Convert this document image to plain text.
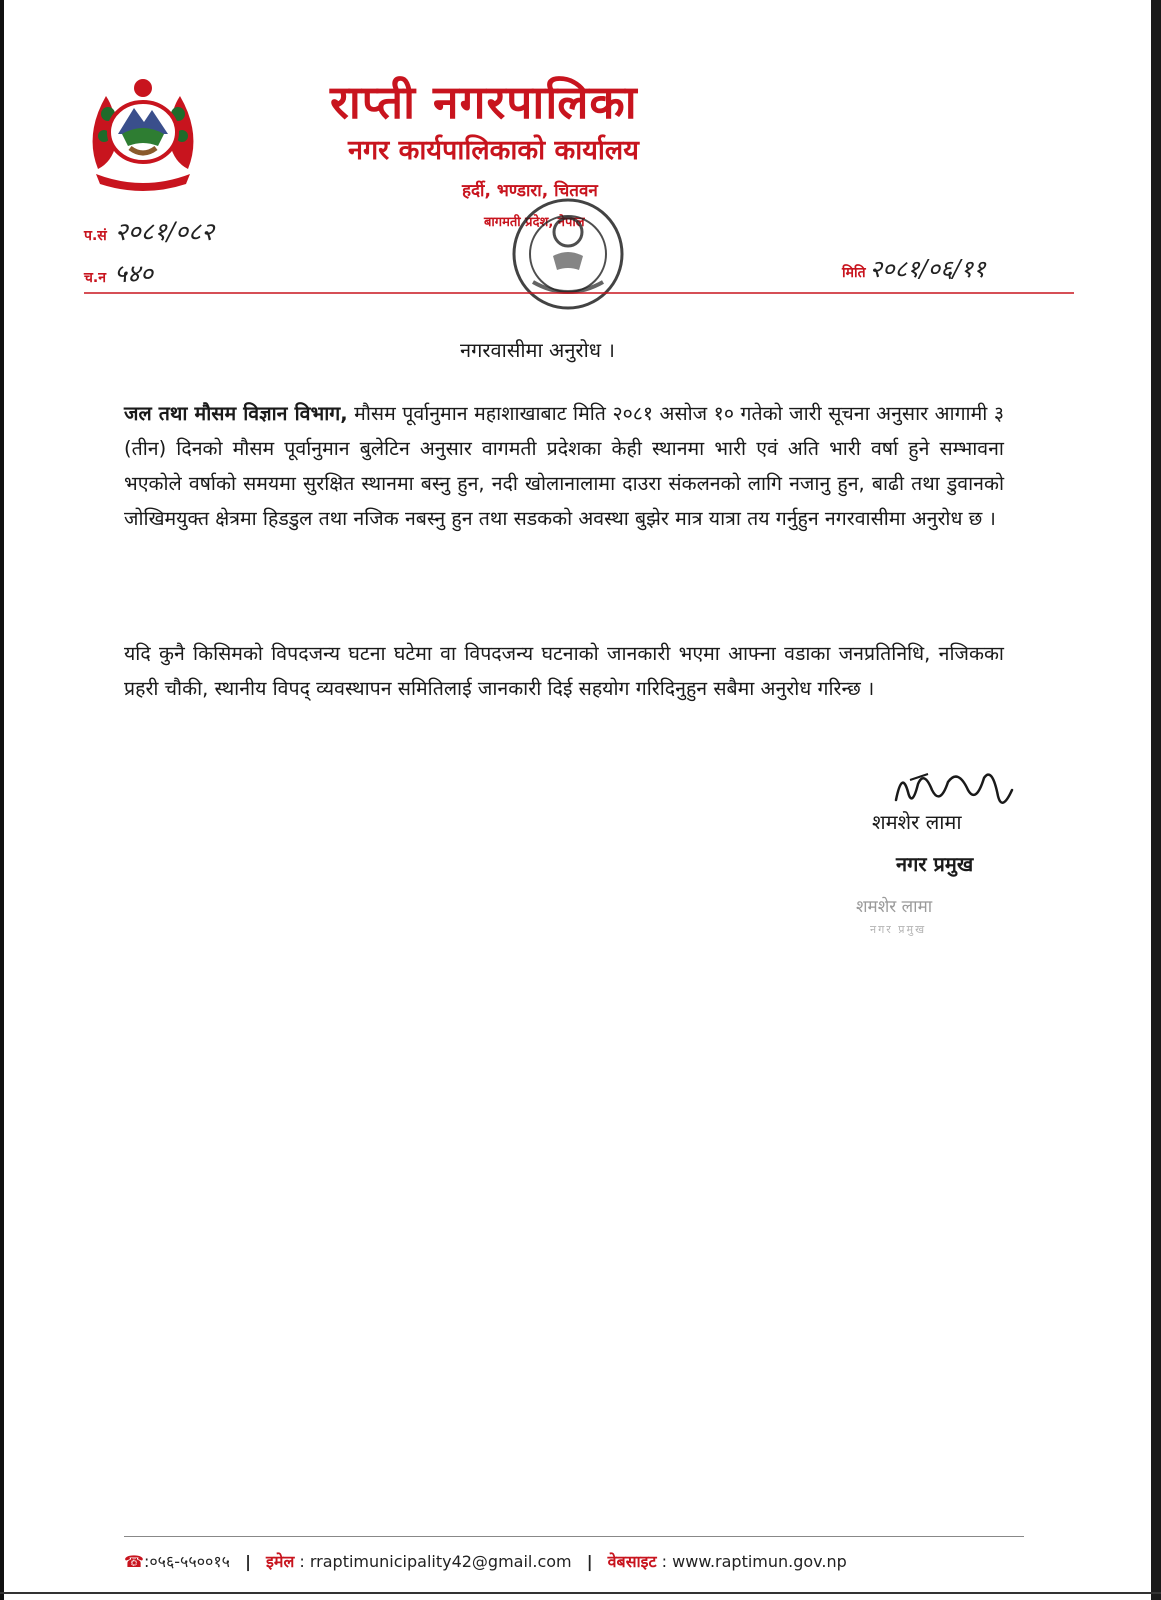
राप्ती नगरपालिका
नगर कार्यपालिकाको कार्यालय
हर्दी, भण्डारा, चितवन
बागमती प्रदेश, नेपाल
प.सं २०८१/०८२
च.न ५४०	मिति २०८१/०६/११
नगरवासीमा अनुरोध ।
जल तथा मौसम विज्ञान विभाग, मौसम पूर्वानुमान महाशाखाबाट मिति २०८१ असोज १० गतेको जारी सूचना अनुसार आगामी ३ (तीन) दिनको मौसम पूर्वानुमान बुलेटिन अनुसार वागमती प्रदेशका केही स्थानमा भारी एवं अति भारी वर्षा हुने सम्भावना भएकोले वर्षाको समयमा सुरक्षित स्थानमा बस्नु हुन, नदी खोलानालामा दाउरा संकलनको लागि नजानु हुन, बाढी तथा डुवानको जोखिमयुक्त क्षेत्रमा हिडडुल तथा नजिक नबस्नु हुन तथा सडकको अवस्था बुझेर मात्र यात्रा तय गर्नुहुन नगरवासीमा अनुरोध छ ।
यदि कुनै किसिमको विपदजन्य घटना घटेमा वा विपदजन्य घटनाको जानकारी भएमा आफ्ना वडाका जनप्रतिनिधि, नजिकका प्रहरी चौकी, स्थानीय विपद् व्यवस्थापन समितिलाई जानकारी दिई सहयोग गरिदिनुहुन सबैमा अनुरोध गरिन्छ ।
शमशेर लामा
नगर प्रमुख
शमशेर लामा
नगर प्रमुख
☎:०५६-५५००१५ | इमेल : rraptimunicipality42@gmail.com | वेबसाइट : www.raptimun.gov.np
